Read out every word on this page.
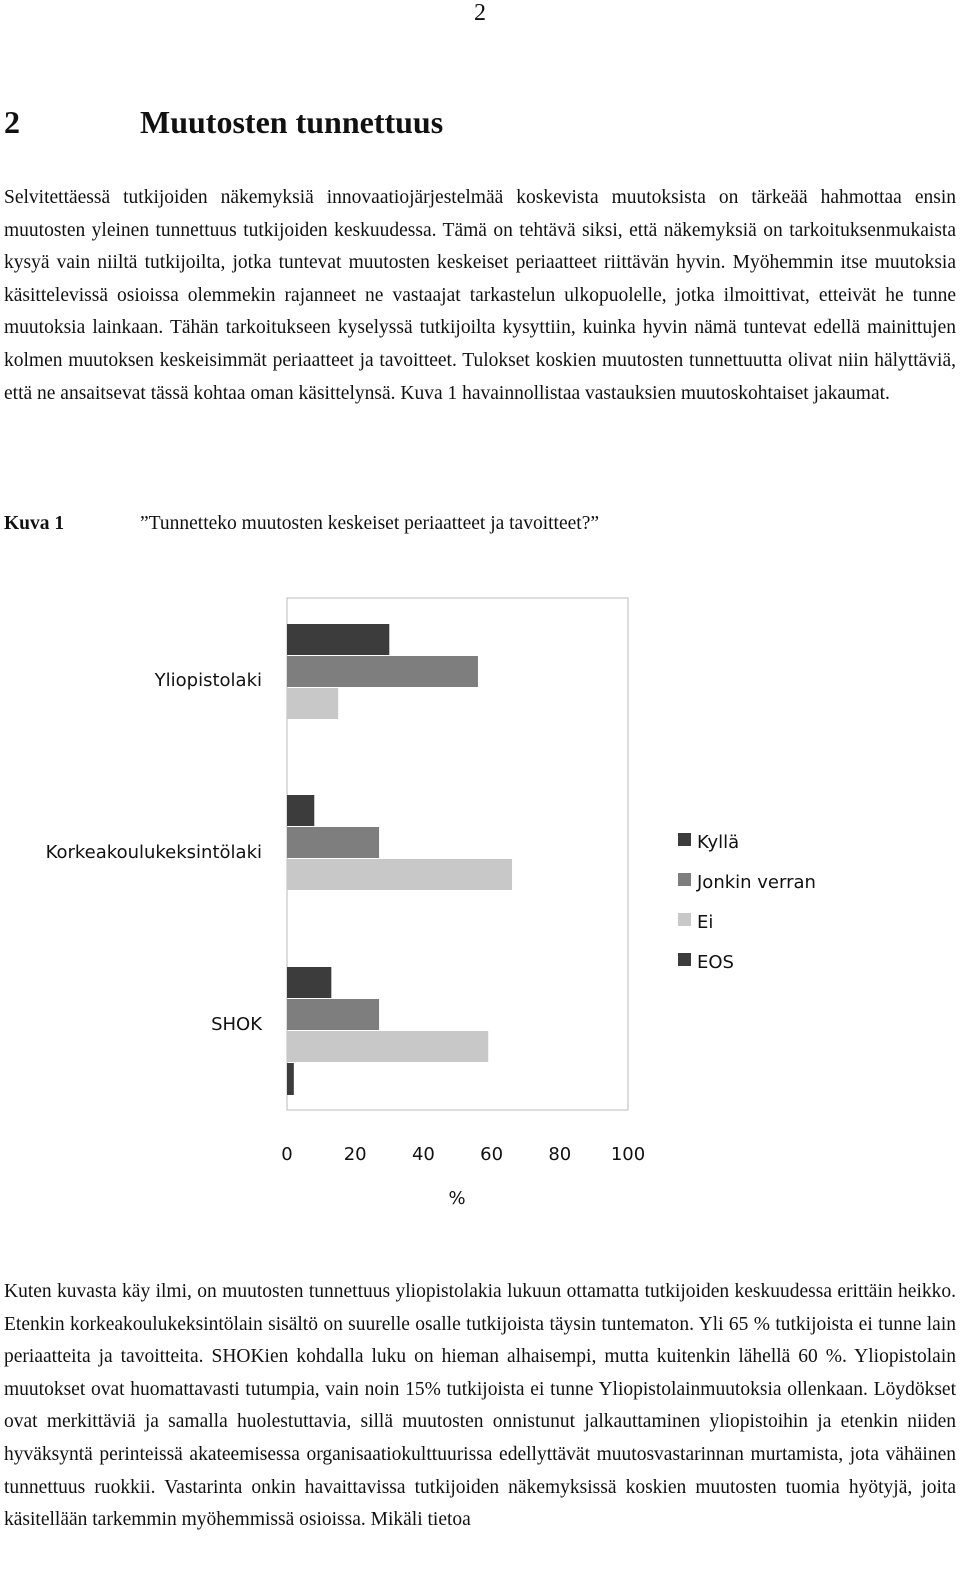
2
2	Muutosten tunnettuus

Selvitettäessä tutkijoiden näkemyksiä innovaatiojärjestelmää koskevista muutoksista on tärkeää hahmottaa ensin muutosten yleinen tunnettuus tutkijoiden keskuudessa. Tämä on tehtävä siksi, että näkemyksiä on tarkoituksenmukaista kysyä vain niiltä tutkijoilta, jotka tuntevat muutosten keskeiset periaatteet riittävän hyvin. Myöhemmin itse muutoksia käsittelevissä osioissa olemmekin rajanneet ne vastaajat tarkastelun ulkopuolelle, jotka ilmoittivat, etteivät he tunne muutoksia lainkaan. Tähän tarkoitukseen kyselyssä tutkijoilta kysyttiin, kuinka hyvin nämä tuntevat edellä mainittujen kolmen muutoksen keskeisimmät periaatteet ja tavoitteet. Tulokset koskien muutosten tunnettuutta olivat niin hälyttäviä, että ne ansaitsevat tässä kohtaa oman käsittelynsä. Kuva 1 havainnollistaa vastauksien muutoskohtaiset jakaumat.

Kuva 1	”Tunnetteko muutosten keskeiset periaatteet ja tavoitteet?”
Yliopistolaki
Korkeakoulukeksintölaki
SHOK
0	20	40	60	80 100
%
Kyllä
Jonkin verran
Ei
EOS

Kuten kuvasta käy ilmi, on muutosten tunnettuus yliopistolakia lukuun ottamatta tutkijoiden keskuudessa erittäin heikko. Etenkin korkeakoulukeksintölain sisältö on suurelle osalle tutkijoista täysin tuntematon. Yli 65 % tutkijoista ei tunne lain periaatteita ja tavoitteita. SHOKien kohdalla luku on hieman alhaisempi, mutta kuitenkin lähellä 60 %. Yliopistolain muutokset ovat huomattavasti tutumpia, vain noin 15% tutkijoista ei tunne Yliopistolainmuutoksia ollenkaan. Löydökset ovat merkittäviä ja samalla huolestuttavia, sillä muutosten onnistunut jalkauttaminen yliopistoihin ja etenkin niiden hyväksyntä perinteissä akateemisessa organisaatiokulttuurissa edellyttävät muutosvastarinnan murtamista, jota vähäinen tunnettuus ruokkii. Vastarinta onkin havaittavissa tutkijoiden näkemyksissä koskien muutosten tuomia hyötyjä, joita käsitellään tarkemmin myöhemmissä osioissa. Mikäli tietoa
